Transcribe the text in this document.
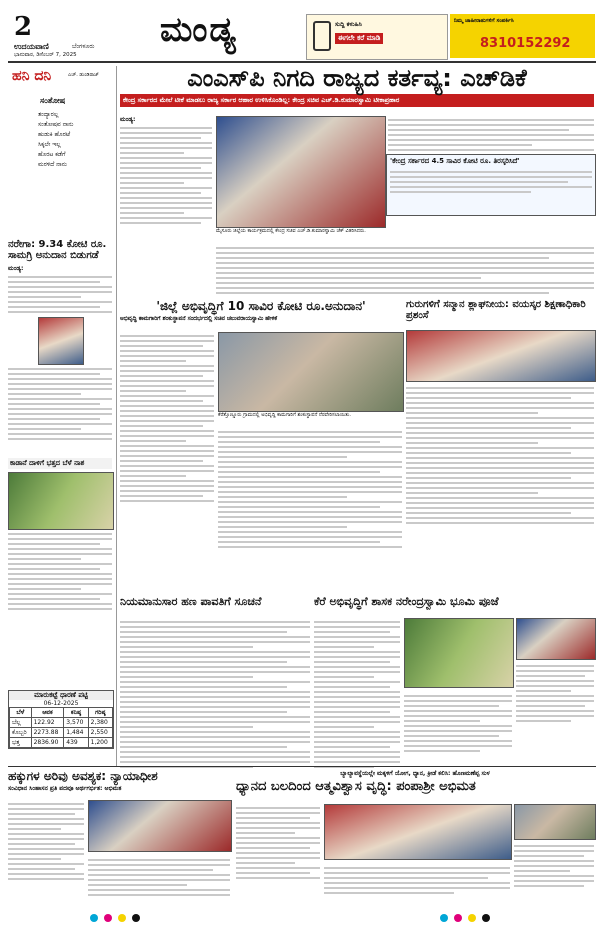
2
ಉದಯವಾಣಿ	ಬೆಂಗಳೂರು
ಭಾನುವಾರ, ಡಿಸೆಂಬರ್ 7, 2025
ಮಂಡ್ಯ	ಸುದ್ದಿ ಕಳುಹಿಸಿ
ಈಗಲೇ ಕರೆ ಮಾಡಿ
ನಿಮ್ಮ ಜಾಹೀರಾತುಗಳಿಗೆ ಸಂಪರ್ಕಿಸಿ
8310152292
ಹನಿ ದನಿ	ಎಚ್. ಡುಂಡಿರಾಜ್
ಸಂತೋಷ
ತಂದ್ಯಾರಲ್ಲ
ಸಂತೋಷವ ನಾನು
ಹುಡುಕಿ ಹೊರಟೆ
ಸಿಕ್ಕಲೇ ಇಲ್ಲ
ಹೊರಟ ಕಡೆಗೆ
ಮರಳಿದೆ ನಾನು
ನರೇಗಾ: 9.34 ಕೋಟಿ ರೂ. ಸಾಮಗ್ರಿ ಅನುದಾನ ಬಿಡುಗಡೆ
ಮಂಡ್ಯ:
ಕಾಡಾನೆ ದಾಳಿಗೆ ಭತ್ತದ ಬೆಳೆ ನಾಶ
ಮಾರುಕಟ್ಟೆ ಧಾರಣೆ ಪಟ್ಟಿ
06-12-2025
ಬೆಳೆ	ಆವಕ	ಕನಿಷ್ಠ	ಗರಿಷ್ಠ
ಬೆಲ್ಲ	122.92	3,570	2,380
ಕೊಬ್ಬರಿ	2273.88	1,484	2,550
ಭತ್ತ	2836.90	439	1,200
ಎಂಎಸ್‌ಪಿ ನಿಗದಿ ರಾಜ್ಯದ ಕರ್ತವ್ಯ: ಎಚ್‌ಡಿಕೆ
ಕೇಂದ್ರ ಸರ್ಕಾರದ ಮೇಲೆ ಟೀಕೆ ಮಾಡಲು ರಾಜ್ಯ ಸರ್ಕಾರ ಆಹಾರ ಉಳಿಸಿಕೊಂಡಿಲ್ಲ: ಕೇಂದ್ರ ಸಚಿವ ಎಚ್.ಡಿ.ಕುಮಾರಸ್ವಾಮಿ ಟೀಕಾಪ್ರಹಾರ
ಮಂಡ್ಯ:
ಮೈಸೂರು ಜಿಲ್ಲೆಯ ಕಾರ್ಯಕ್ರಮದಲ್ಲಿ ಕೇಂದ್ರ ಸಚಿವ ಎಚ್.ಡಿ.ಕುಮಾರಸ್ವಾಮಿ ಚೆಕ್ ವಿತರಿಸಿದರು.
'ಕೇಂದ್ರ ಸರ್ಕಾರದ 4.5 ಸಾವಿರ ಕೋಟಿ ರೂ. ತಿರಸ್ಕರಿಸಿದೆ'
'ಜಿಲ್ಲೆ ಅಭಿವೃದ್ಧಿಗೆ 10 ಸಾವಿರ ಕೋಟಿ ರೂ.ಅನುದಾನ'
ಅಭಿವೃದ್ಧಿ ಕಾಮಗಾರಿಗೆ ಶಂಕುಸ್ಥಾಪನೆ ಸಂದರ್ಭದಲ್ಲಿ ಸಚಿವ ಚಲುವರಾಯಸ್ವಾಮಿ ಹೇಳಿಕೆ
ಕೆರೆತ್ತೊಣ್ಣೂರು ಗ್ರಾಮದಲ್ಲಿ ಅಭಿವೃದ್ಧಿ ಕಾಮಗಾರಿಗೆ ಶಂಕುಸ್ಥಾಪನೆ ನೆರವೇರಿಸಲಾಯಿತು.
ಗುರುಗಳಿಗೆ ಸನ್ಮಾನ ಶ್ಲಾಘನೀಯ: ವಯಸ್ಕರ ಶಿಕ್ಷಣಾಧಿಕಾರಿ ಪ್ರಶಂಸೆ
ನಿಯಮಾನುಸಾರ ಹಣ ಪಾವತಿಗೆ ಸೂಚನೆ	ಕೆರೆ ಅಭಿವೃದ್ಧಿಗೆ ಶಾಸಕ ನರೇಂದ್ರಸ್ವಾಮಿ ಭೂಮಿ ಪೂಜೆ
ಹಕ್ಕುಗಳ ಅರಿವು ಅವಶ್ಯಕ: ನ್ಯಾಯಾಧೀಶ
ಸಂವಿಧಾನ ಸಿಂಹಾಸನ ಪ್ರತಿ ಪದವೂ ಅರ್ಥಗರ್ಭಿತ: ಅಭಿಮತ
ಬ್ಯಾಲ್ಯಾವಸ್ಥೆಯಲ್ಲೇ ಮಕ್ಕಳಿಗೆ ಯೋಗ, ಧ್ಯಾನ, ಕ್ರೀಡೆ ಕಲಿಸಿ: ಹೊಣಮಣೆಪ್ಪ ಸುಳ
ಧ್ಯಾನದ ಬಲದಿಂದ ಆತ್ಮವಿಶ್ವಾಸ ವೃದ್ಧಿ: ಪಂಪಾಶ್ರೀ ಅಭಿಮತ
